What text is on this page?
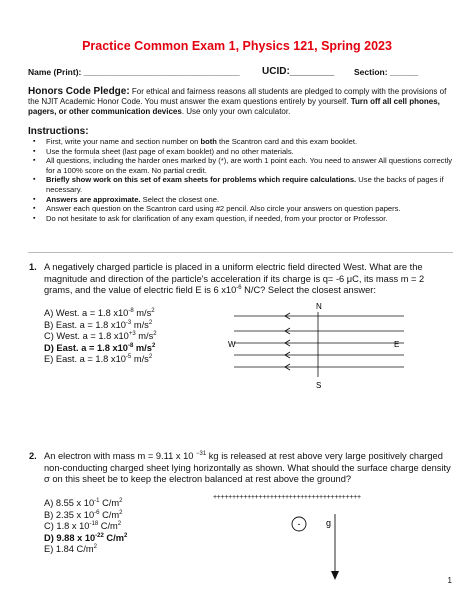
Practice Common Exam 1, Physics 121, Spring 2023
Name (Print): _________________________________ UCID:________ Section: ______
Honors Code Pledge: For ethical and fairness reasons all students are pledged to comply with the provisions of the NJIT Academic Honor Code. You must answer the exam questions entirely by yourself. Turn off all cell phones, pagers, or other communication devices. Use only your own calculator.
Instructions:
▪ First, write your name and section number on both the Scantron card and this exam booklet.
▪ Use the formula sheet (last page of exam booklet) and no other materials.
▪ All questions, including the harder ones marked by (*), are worth 1 point each. You need to answer All questions correctly for a 100% score on the exam. No partial credit.
▪ Briefly show work on this set of exam sheets for problems which require calculations. Use the backs of pages if necessary.
▪ Answers are approximate. Select the closest one.
▪ Answer each question on the Scantron card using #2 pencil. Also circle your answers on question papers.
▪ Do not hesitate to ask for clarification of any exam question, if needed, from your proctor or Professor.
1. A negatively charged particle is placed in a uniform electric field directed West. What are the magnitude and direction of the particle's acceleration if its charge is q= -6 μC, its mass m = 2 grams, and the value of electric field E is 6 $x10^{-6}$ N/C? Select the closest answer:
A) West. a = 1.8 $x10^{-8}$ $m/s^2$
B) East. a = 1.8 $x10^{-3}$ $m/s^2$
C) West. a = 1.8 $x10^{+3}$ $m/s^2$
D) East. a = 1.8 $x10^{-8}$ $m/s^2$
E) East. a = 1.8 $x10^{-5}$ $m/s^2$
N
S
W	E
2. An electron with mass m = 9.11 x 10 $^{-31}$ kg is released at rest above very large positively charged non-conducting charged sheet lying horizontally as shown. What should the surface charge density σ on this sheet be to keep the electron balanced at rest above the ground?
+++++++++++++++++++++++++++++++++++++++
-	g
A) 8.55 x $10^{-1}$ $C/m^2$
B) 2.35 x $10^{-6}$ $C/m^2$
C) 1.8 x $10^{-18}$ $C/m^2$
D) 9.88 x $10^{-22}$ $C/m^2$
E) 1.84 $C/m^2$
1
